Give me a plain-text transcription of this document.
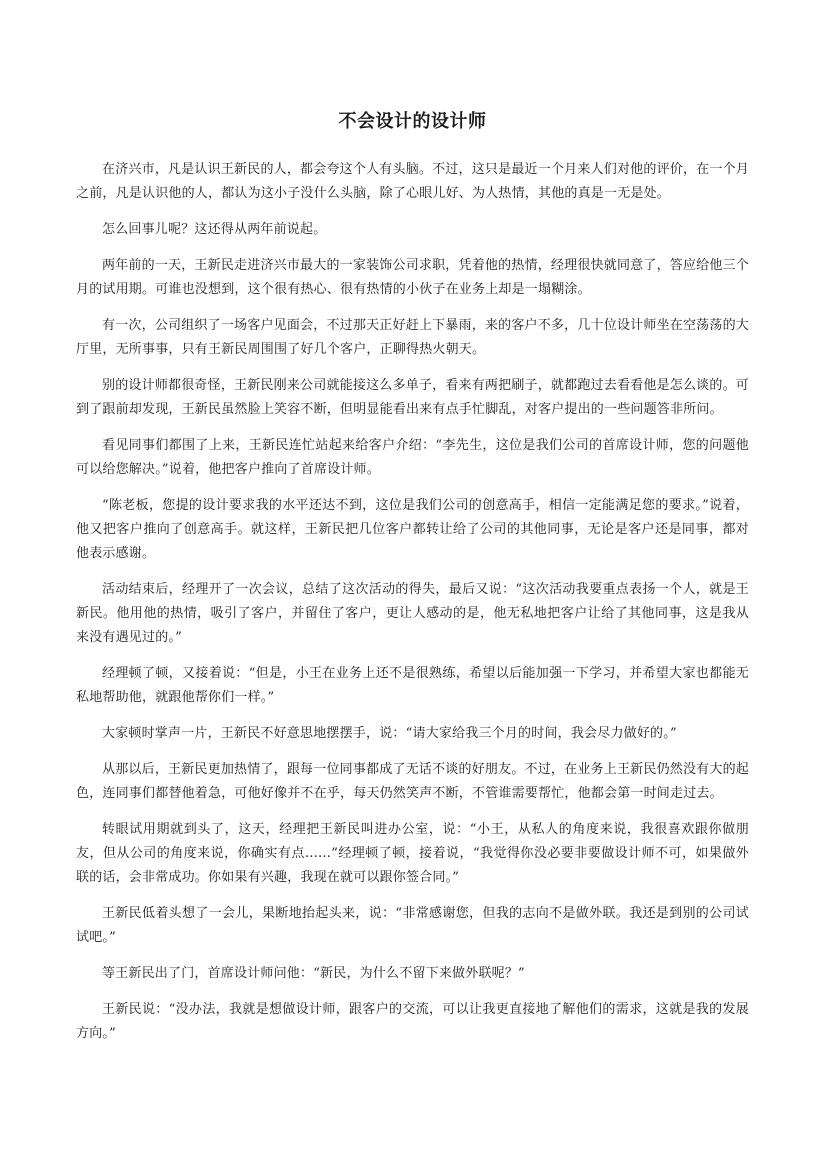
不会设计的设计师

在济兴市，凡是认识王新民的人，都会夸这个人有头脑。不过，这只是最近一个月来人们对他的评价，在一个月之前，凡是认识他的人，都认为这小子没什么头脑，除了心眼儿好、为人热情，其他的真是一无是处。

怎么回事儿呢？这还得从两年前说起。

两年前的一天，王新民走进济兴市最大的一家装饰公司求职，凭着他的热情，经理很快就同意了，答应给他三个月的试用期。可谁也没想到，这个很有热心、很有热情的小伙子在业务上却是一塌糊涂。

有一次，公司组织了一场客户见面会，不过那天正好赶上下暴雨，来的客户不多，几十位设计师坐在空荡荡的大厅里，无所事事，只有王新民周围围了好几个客户，正聊得热火朝天。

别的设计师都很奇怪，王新民刚来公司就能接这么多单子，看来有两把刷子，就都跑过去看看他是怎么谈的。可到了跟前却发现，王新民虽然脸上笑容不断，但明显能看出来有点手忙脚乱，对客户提出的一些问题答非所问。

看见同事们都围了上来，王新民连忙站起来给客户介绍：“李先生，这位是我们公司的首席设计师，您的问题他可以给您解决。”说着，他把客户推向了首席设计师。

“陈老板，您提的设计要求我的水平还达不到，这位是我们公司的创意高手，相信一定能满足您的要求。”说着，他又把客户推向了创意高手。就这样，王新民把几位客户都转让给了公司的其他同事，无论是客户还是同事，都对他表示感谢。

活动结束后，经理开了一次会议，总结了这次活动的得失，最后又说：“这次活动我要重点表扬一个人，就是王新民。他用他的热情，吸引了客户，并留住了客户，更让人感动的是，他无私地把客户让给了其他同事，这是我从来没有遇见过的。”

经理顿了顿，又接着说：“但是，小王在业务上还不是很熟练，希望以后能加强一下学习，并希望大家也都能无私地帮助他，就跟他帮你们一样。”

大家顿时掌声一片，王新民不好意思地摆摆手，说：“请大家给我三个月的时间，我会尽力做好的。”

从那以后，王新民更加热情了，跟每一位同事都成了无话不谈的好朋友。不过，在业务上王新民仍然没有大的起色，连同事们都替他着急，可他好像并不在乎，每天仍然笑声不断，不管谁需要帮忙，他都会第一时间走过去。

转眼试用期就到头了，这天，经理把王新民叫进办公室，说：“小王，从私人的角度来说，我很喜欢跟你做朋友，但从公司的角度来说，你确实有点……”经理顿了顿，接着说，“我觉得你没必要非要做设计师不可，如果做外联的话，会非常成功。你如果有兴趣，我现在就可以跟你签合同。”

王新民低着头想了一会儿，果断地抬起头来，说：“非常感谢您，但我的志向不是做外联。我还是到别的公司试试吧。”

等王新民出了门，首席设计师问他：“新民，为什么不留下来做外联呢？”

王新民说：“没办法，我就是想做设计师，跟客户的交流，可以让我更直接地了解他们的需求，这就是我的发展方向。”
